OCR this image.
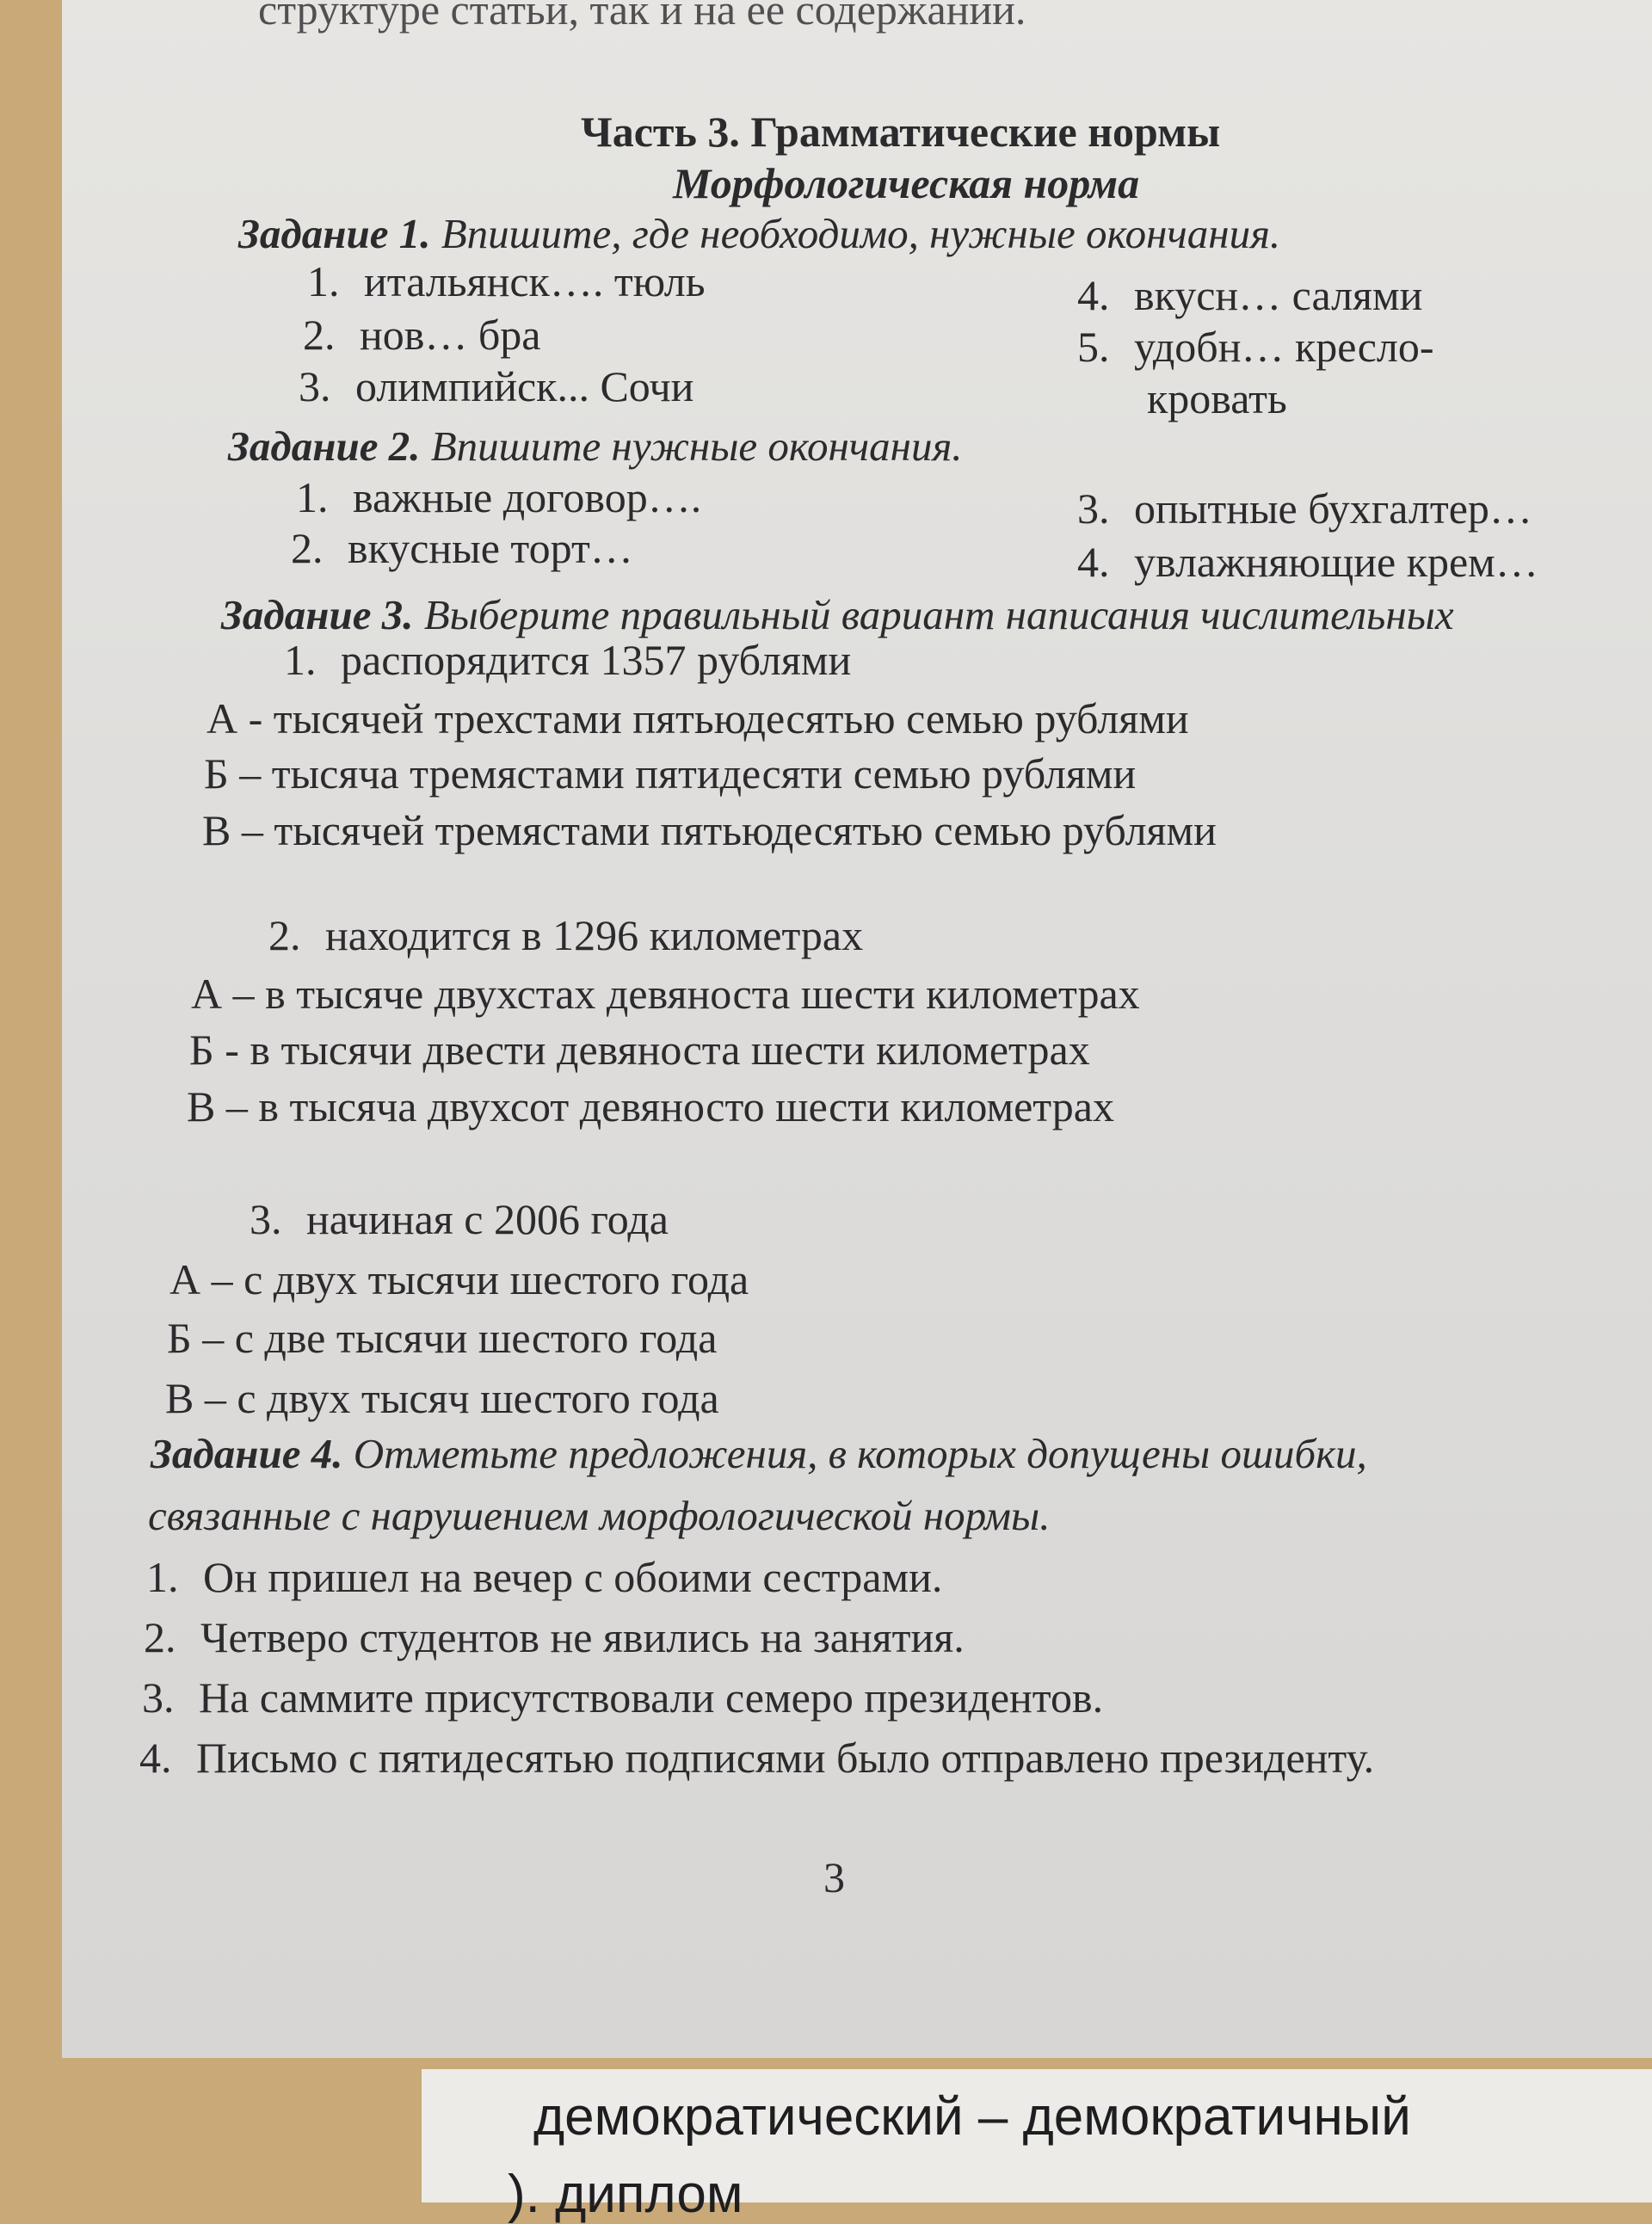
структуре статьи, так и на ее содержании.
Часть 3. Грамматические нормы
Морфологическая норма
Задание 1. Впишите, где необходимо, нужные окончания.
1. итальянск…. тюль
2. нов… бра
3. олимпийск... Сочи
4. вкусн… салями
5. удобн… кресло-
кровать
Задание 2. Впишите нужные окончания.
1. важные договор….
2. вкусные торт…
3. опытные бухгалтер…
4. увлажняющие крем…
Задание 3. Выберите правильный вариант написания числительных
1. распорядится 1357 рублями
А - тысячей трехстами пятьюдесятью семью рублями
Б – тысяча тремястами пятидесяти семью рублями
В – тысячей тремястами пятьюдесятью семью рублями
2. находится в 1296 километрах
А – в тысяче двухстах девяноста шести километрах
Б - в тысячи двести девяноста шести километрах
В – в тысяча двухсот девяносто шести километрах
3. начиная с 2006 года
А – с двух тысячи шестого года
Б – с две тысячи шестого года
В – с двух тысяч шестого года
Задание 4. Отметьте предложения, в которых допущены ошибки,
связанные с нарушением морфологической нормы.
1. Он пришел на вечер с обоими сестрами.
2. Четверо студентов не явились на занятия.
3. На саммите присутствовали семеро президентов.
4. Письмо с пятидесятью подписями было отправлено президенту.
3
демократический – демократичный
). диплом
